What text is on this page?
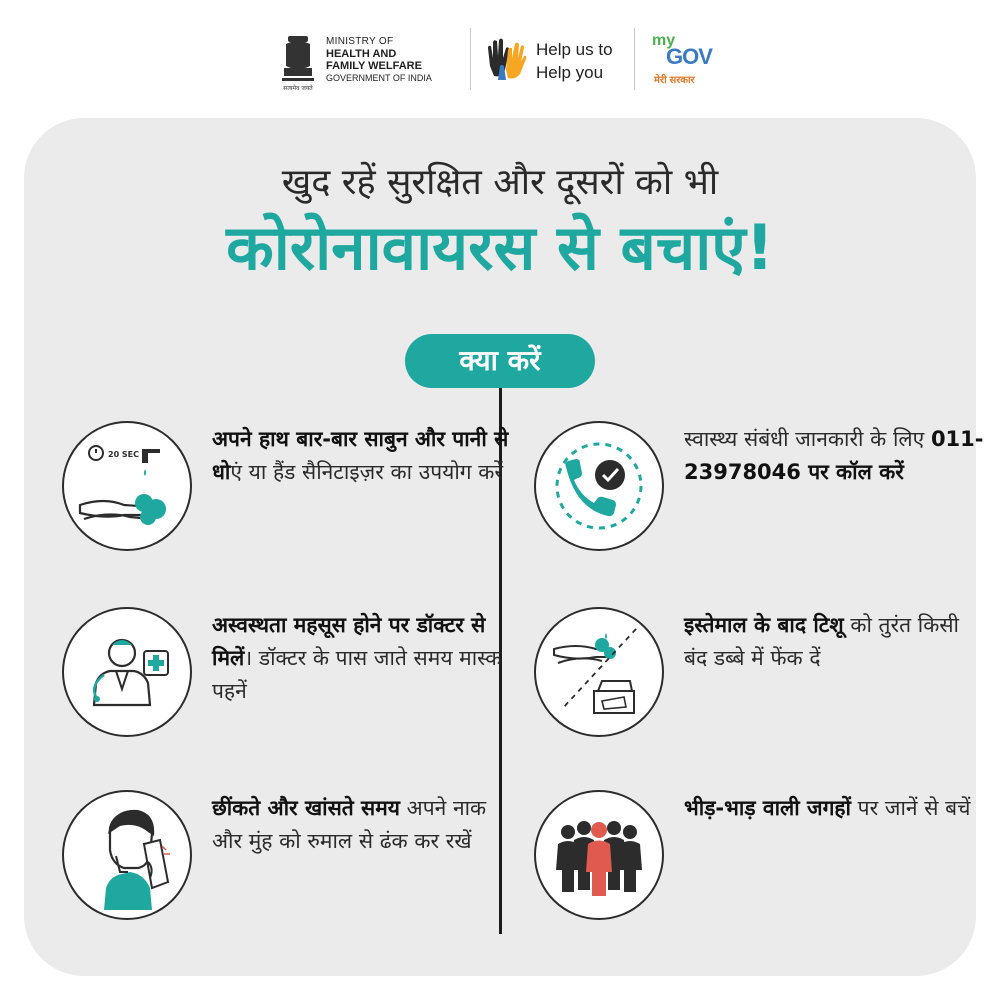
सत्यमेव जयते
MINISTRY OF
HEALTH AND
FAMILY WELFARE
GOVERNMENT OF INDIA
Help us to
Help you
my
GOV
मेरी सरकार
खुद रहें सुरक्षित और दूसरों को भी
कोरोनावायरस से बचाएं!
क्या करें
20 SEC
अपने हाथ बार-बार साबुन और पानी से धोएं या हैंड सैनिटाइज़र का उपयोग करें
स्वास्थ्य संबंधी जानकारी के लिए 011-23978046 पर कॉल करें
अस्वस्थता महसूस होने पर डॉक्टर से मिलें। डॉक्टर के पास जाते समय मास्क पहनें
इस्तेमाल के बाद टिशू को तुरंत किसी बंद डब्बे में फेंक दें
छींकते और खांसते समय अपने नाक और मुंह को रुमाल से ढंक कर रखें
भीड़-भाड़ वाली जगहों पर जानें से बचें
